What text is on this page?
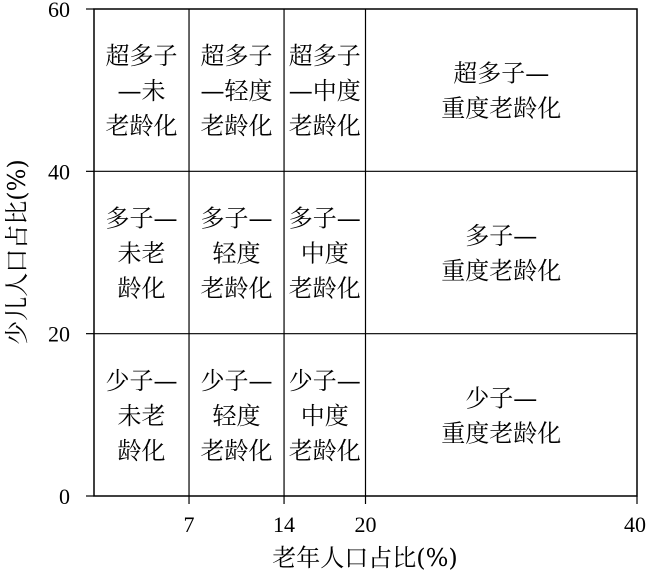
7	14	20	40
0
20
40
60
超多子
—未
老龄化
超多子
—轻度
老龄化
超多子
—中度
老龄化
超多子—
重度老龄化
多子—
未老
龄化
多子—
轻度
老龄化
多子—
中度
老龄化
多子—
重度老龄化
少子—
未老
龄化
少子—
轻度
老龄化
少子—
中度
老龄化
少子—
重度老龄化
老年人口占比(%)
少儿人口占比(%)
